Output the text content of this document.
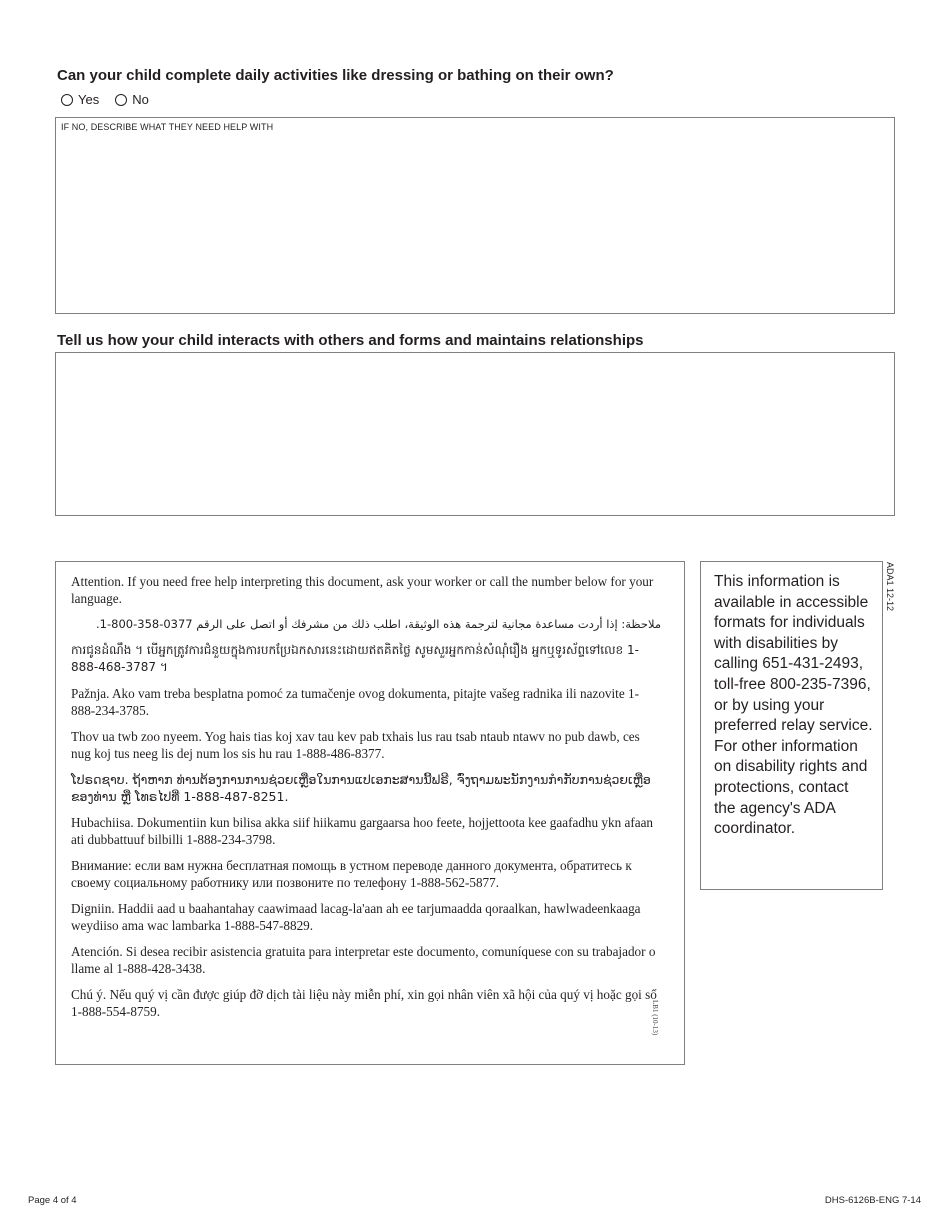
Can your child complete daily activities like dressing or bathing on their own?
Yes	No
IF NO, DESCRIBE WHAT THEY NEED HELP WITH
Tell us how your child interacts with others and forms and maintains relationships

Attention. If you need free help interpreting this document, ask your worker or call the number below for your language.

ملاحظة: إذا أردت مساعدة مجانية لترجمة هذه الوثيقة، اطلب ذلك من مشرفك أو اتصل على الرقم 0377-358-800-1.

ការជូនដំណឹង ។ បើអ្នកត្រូវការជំនួយក្នុងការបកប្រែឯកសារនេះដោយឥតគិតថ្លៃ សូមសួរអ្នកកាន់សំណុំរឿង អ្នកឬទូរស័ព្ទទៅលេខ 1-888-468-3787 ។

Pažnja. Ako vam treba besplatna pomoć za tumačenje ovog dokumenta, pitajte vašeg radnika ili nazovite 1-888-234-3785.

Thov ua twb zoo nyeem. Yog hais tias koj xav tau kev pab txhais lus rau tsab ntaub ntawv no pub dawb, ces nug koj tus neeg lis dej num los sis hu rau 1-888-486-8377.

ໂປຣດຊາບ. ຖ້າຫາກ ທ່ານຕ້ອງການການຊ່ວຍເຫຼືອໃນການແປເອກະສານນີ້ຟຣີ, ຈົ່ງຖາມພະນັກງານກໍາກັບການຊ່ວຍເຫຼືອຂອງທ່ານ ຫຼື ໂທຣໄປທີ່ 1-888-487-8251.

Hubachiisa. Dokumentiin kun bilisa akka siif hiikamu gargaarsa hoo feete, hojjettoota kee gaafadhu ykn afaan ati dubbattuuf bilbilli 1-888-234-3798.

Внимание: если вам нужна бесплатная помощь в устном переводе данного документа, обратитесь к своему социальному работнику или позвоните по телефону 1-888-562-5877.

Digniin. Haddii aad u baahantahay caawimaad lacag-la'aan ah ee tarjumaadda qoraalkan, hawlwadeenkaaga weydiiso ama wac lambarka 1-888-547-8829.

Atención. Si desea recibir asistencia gratuita para interpretar este documento, comuníquese con su trabajador o llame al 1-888-428-3438.

Chú ý. Nếu quý vị cần được giúp đỡ dịch tài liệu này miễn phí, xin gọi nhân viên xã hội của quý vị hoặc gọi số 1-888-554-8759.	LB1 (10-13)
This information is available in accessible formats for individuals with disabilities by calling 651-431-2493, toll-free 800-235-7396, or by using your preferred relay service. For other information on disability rights and protections, contact the agency's ADA coordinator.
ADA1 12-12
Page 4 of 4	DHS-6126B-ENG 7-14
